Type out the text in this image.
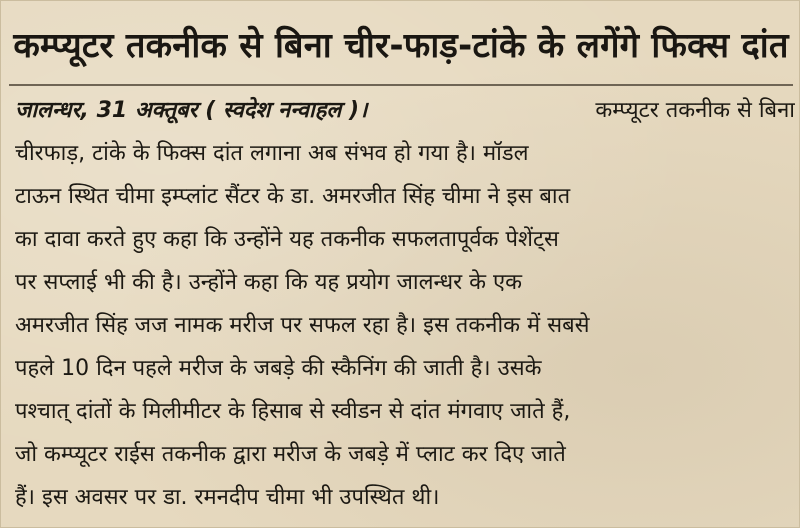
कम्प्यूटर तकनीक से बिना चीर-फाड़-टांके के लगेंगे फिक्स दांत
जालन्धर, 31 अक्तूबर ( स्वदेश नन्वाहल )।	कम्प्यूटर तकनीक से बिना
चीरफाड़, टांके के फिक्स दांत लगाना अब संभव हो गया है। मॉडल
टाऊन स्थित चीमा इम्प्लांट सैंटर के डा. अमरजीत सिंह चीमा ने इस बात
का दावा करते हुए कहा कि उन्होंने यह तकनीक सफलतापूर्वक पेशेंट्स
पर सप्लाई भी की है। उन्होंने कहा कि यह प्रयोग जालन्धर के एक
अमरजीत सिंह जज नामक मरीज पर सफल रहा है। इस तकनीक में सबसे
पहले 10 दिन पहले मरीज के जबड़े की स्कैनिंग की जाती है। उसके
पश्चात् दांतों के मिलीमीटर के हिसाब से स्वीडन से दांत मंगवाए जाते हैं,
जो कम्प्यूटर राईस तकनीक द्वारा मरीज के जबड़े में प्लाट कर दिए जाते
हैं। इस अवसर पर डा. रमनदीप चीमा भी उपस्थित थी।
